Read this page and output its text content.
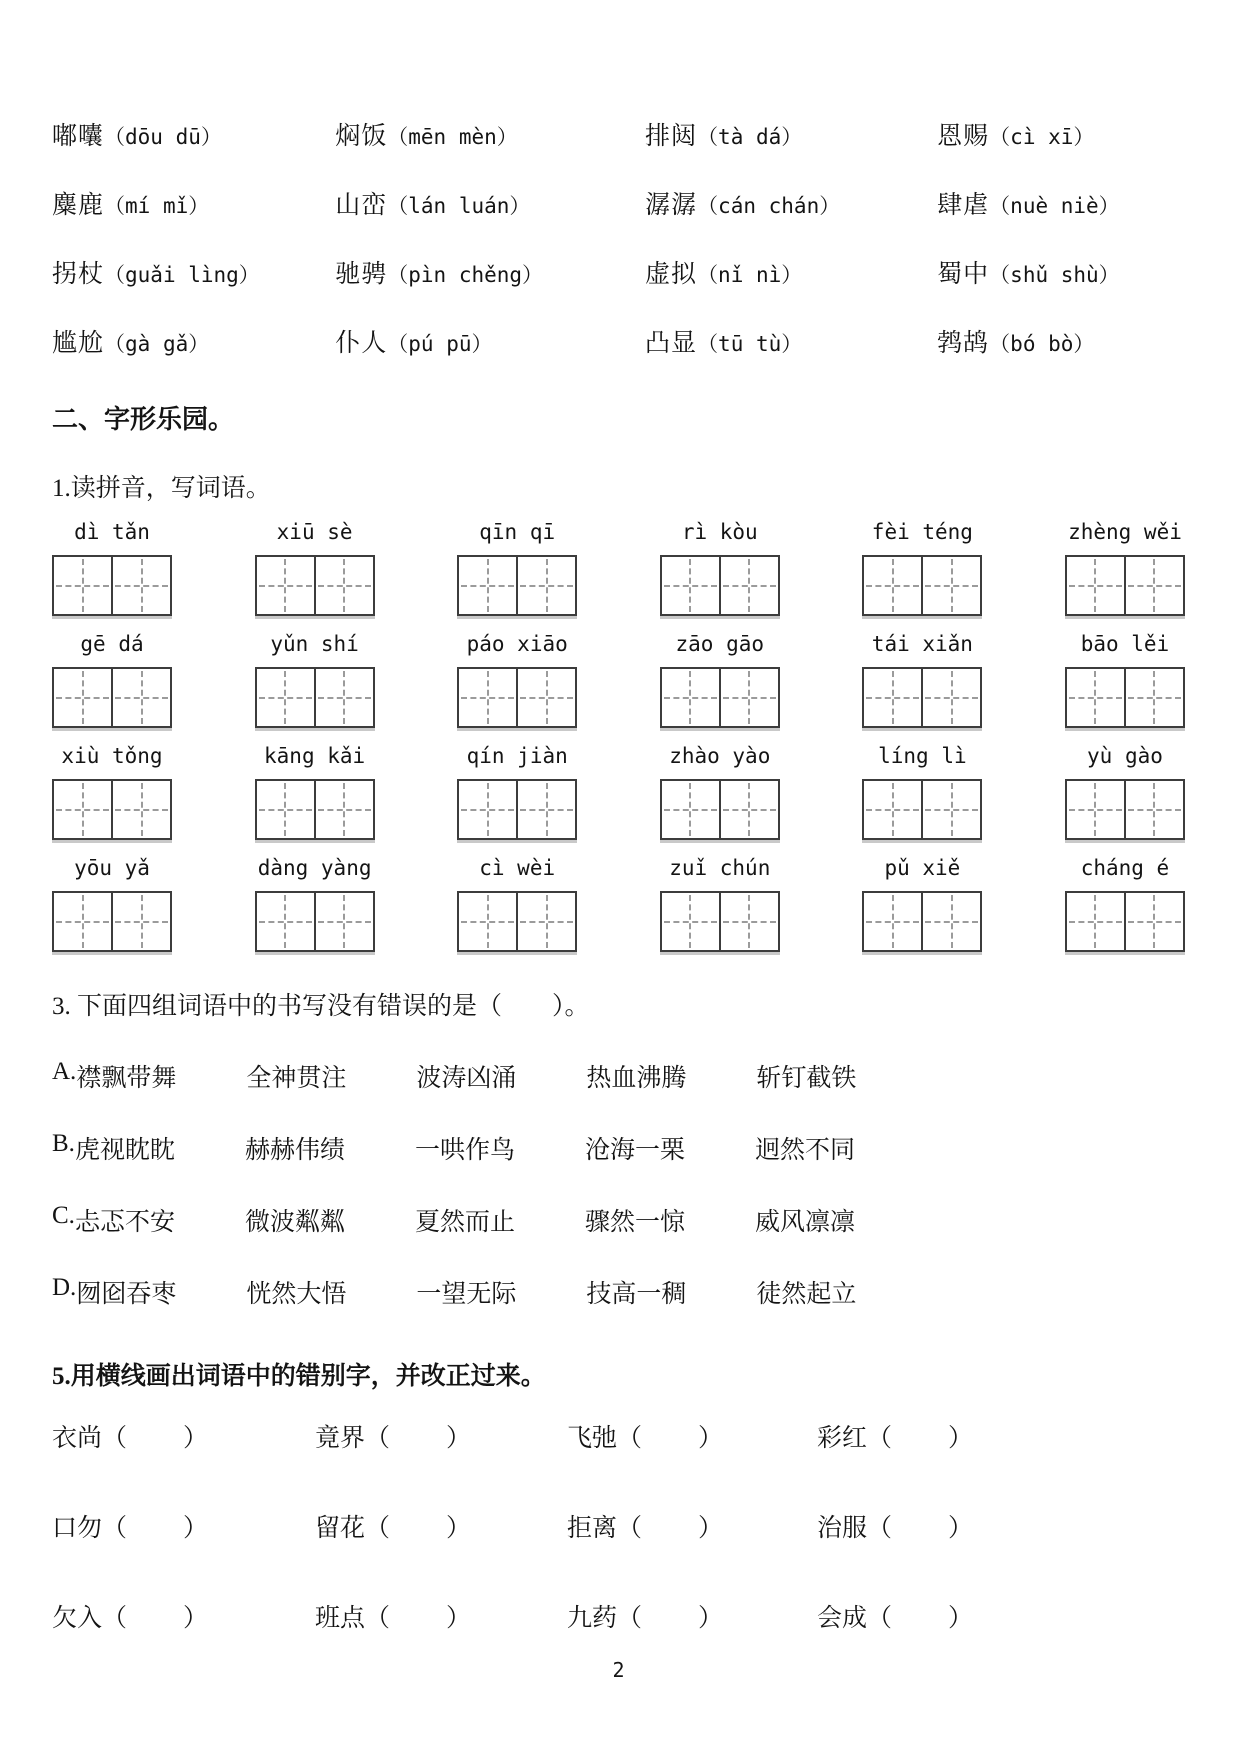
嘟囔（dōu dū）	焖饭（mēn mèn）	排闼（tà dá）	恩赐（cì xī）
麋鹿（mí mǐ）	山峦（lán luán）	潺潺（cán chán）	肆虐（nuè niè）
拐杖（guǎi lìng）	驰骋（pìn chěng）	虚拟（nǐ nì）	蜀中（shǔ shù）
尴尬（gà gǎ）	仆人（pú pū）	凸显（tū tù）	鹁鸪（bó bò）
二、字形乐园。
1.读拼音，写词语。
dì tǎn	xiū sè	qīn qī	rì kòu	fèi téng	zhèng wěi
gē dá	yǔn shí	páo xiāo	zāo gāo	tái xiǎn	bāo lěi
xiù tǒng	kāng kǎi	qín jiàn	zhào yào	líng lì	yù gào
yōu yǎ	dàng yàng	cì wèi	zuǐ chún	pǔ xiě	cháng é
3. 下面四组词语中的书写没有错误的是（　　）。
A. 襟飘带舞	全神贯注	波涛凶涌	热血沸腾	斩钉截铁
B. 虎视眈眈	赫赫伟绩	一哄作鸟	沧海一栗	迥然不同
C. 忐忑不安	微波粼粼	夏然而止	骤然一惊	威风凛凛
D. 囫囵吞枣	恍然大悟	一望无际	技高一稠	徒然起立
5.用横线画出词语中的错别字，并改正过来。
衣尚（ ）	竟界（ ）	飞弛（ ）	彩红（ ）
口勿（ ）	留花（ ）	拒离（ ）	治服（ ）
欠入（ ）	班点（ ）	九药（ ）	会成（ ）
2
